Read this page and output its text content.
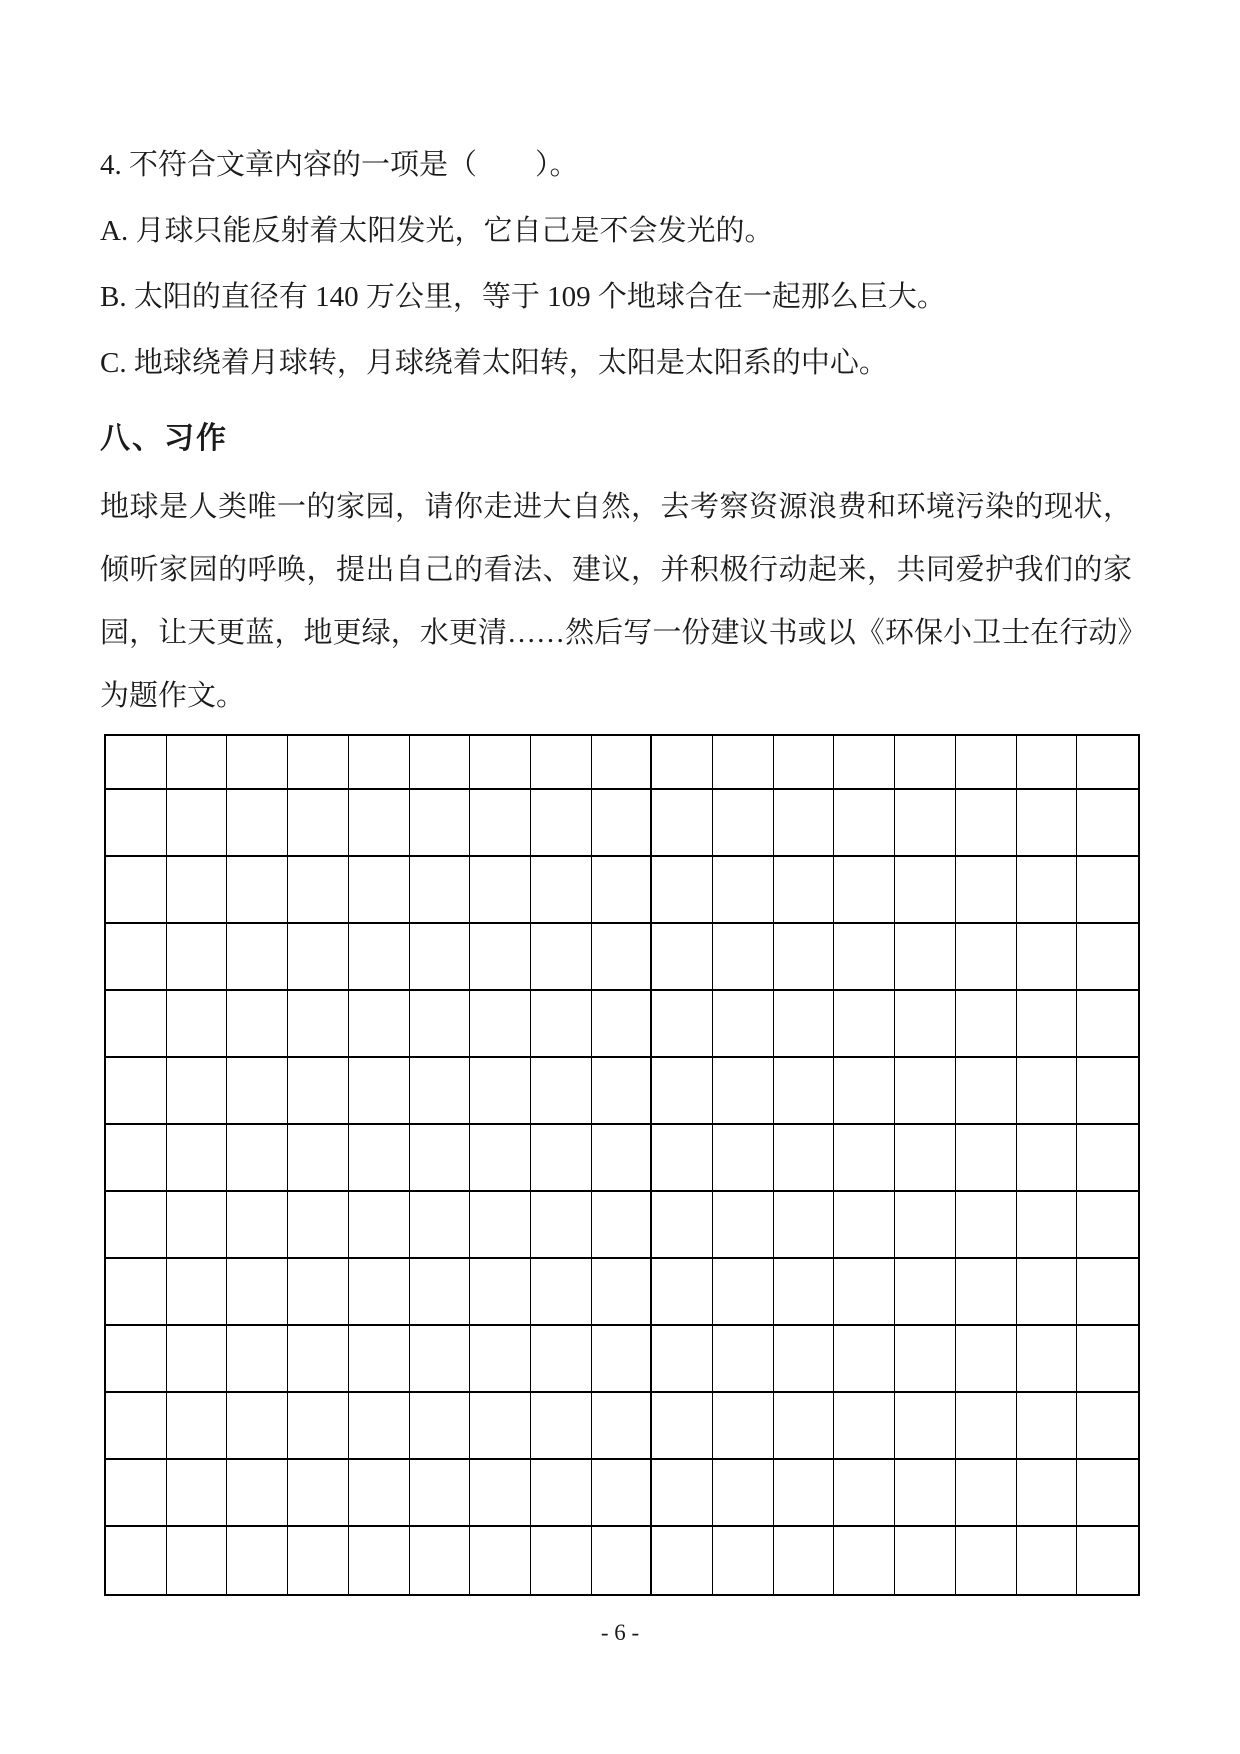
4. 不符合文章内容的一项是（　　）。
A. 月球只能反射着太阳发光，它自己是不会发光的。
B. 太阳的直径有 140 万公里，等于 109 个地球合在一起那么巨大。
C. 地球绕着月球转，月球绕着太阳转，太阳是太阳系的中心。
八、习作
地球是人类唯一的家园，请你走进大自然，去考察资源浪费和环境污染的现状，倾听家园的呼唤，提出自己的看法、建议，并积极行动起来，共同爱护我们的家园，让天更蓝，地更绿，水更清……然后写一份建议书或以《环保小卫士在行动》为题作文。
- 6 -
